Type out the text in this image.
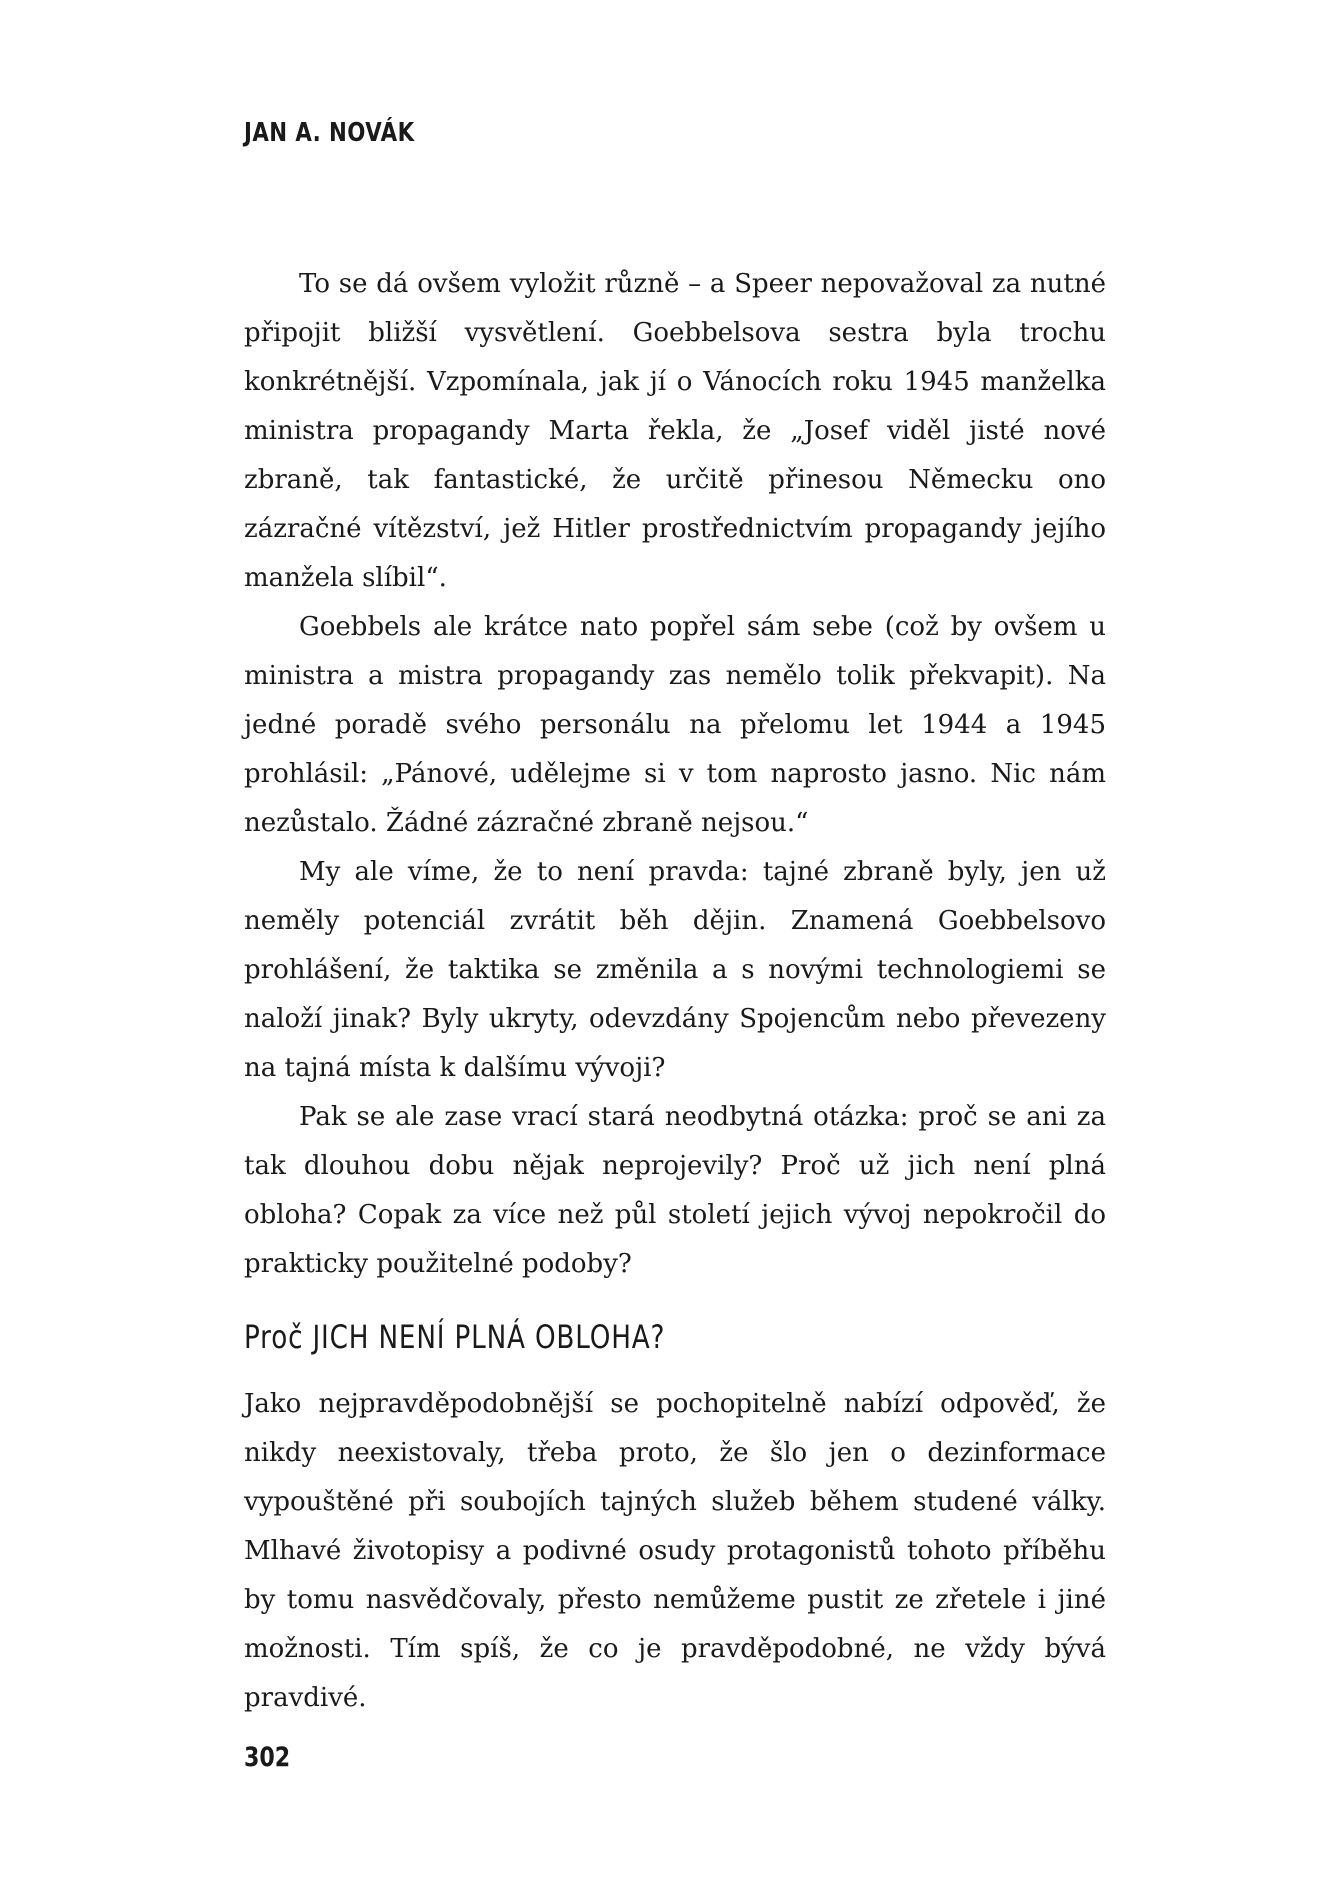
JAN A. NOVÁK

To se dá ovšem vyložit různě – a Speer nepovažoval za nutné připojit bližší vysvětlení. Goebbelsova sestra byla trochu konkrétnější. Vzpomínala, jak jí o Vánocích roku 1945 manželka ministra propagandy Marta řekla, že „Josef viděl jisté nové zbraně, tak fantastické, že určitě přinesou Německu ono zázračné vítězství, jež Hitler prostřednictvím propagandy jejího manžela slíbil“.

Goebbels ale krátce nato popřel sám sebe (což by ovšem u ministra a mistra propagandy zas nemělo tolik překvapit). Na jedné poradě svého personálu na přelomu let 1944 a 1945 prohlásil: „Pánové, udělejme si v tom naprosto jasno. Nic nám nezůstalo. Žádné zázračné zbraně nejsou.“

My ale víme, že to není pravda: tajné zbraně byly, jen už neměly potenciál zvrátit běh dějin. Znamená Goebbelsovo prohlášení, že taktika se změnila a s novými technologiemi se naloží jinak? Byly ukryty, odevzdány Spojencům nebo převezeny na tajná místa k dalšímu vývoji?

Pak se ale zase vrací stará neodbytná otázka: proč se ani za tak dlouhou dobu nějak neprojevily? Proč už jich není plná obloha? Copak za více než půl století jejich vývoj nepokročil do prakticky použitelné podoby?

Proč JICH NENÍ PLNÁ OBLOHA?

Jako nejpravděpodobnější se pochopitelně nabízí odpověď, že nikdy neexistovaly, třeba proto, že šlo jen o dezinformace vypouštěné při soubojích tajných služeb během studené války. Mlhavé životopisy a podivné osudy protagonistů tohoto příběhu by tomu nasvědčovaly, přesto nemůžeme pustit ze zřetele i jiné možnosti. Tím spíš, že co je pravděpodobné, ne vždy bývá pravdivé.

302
